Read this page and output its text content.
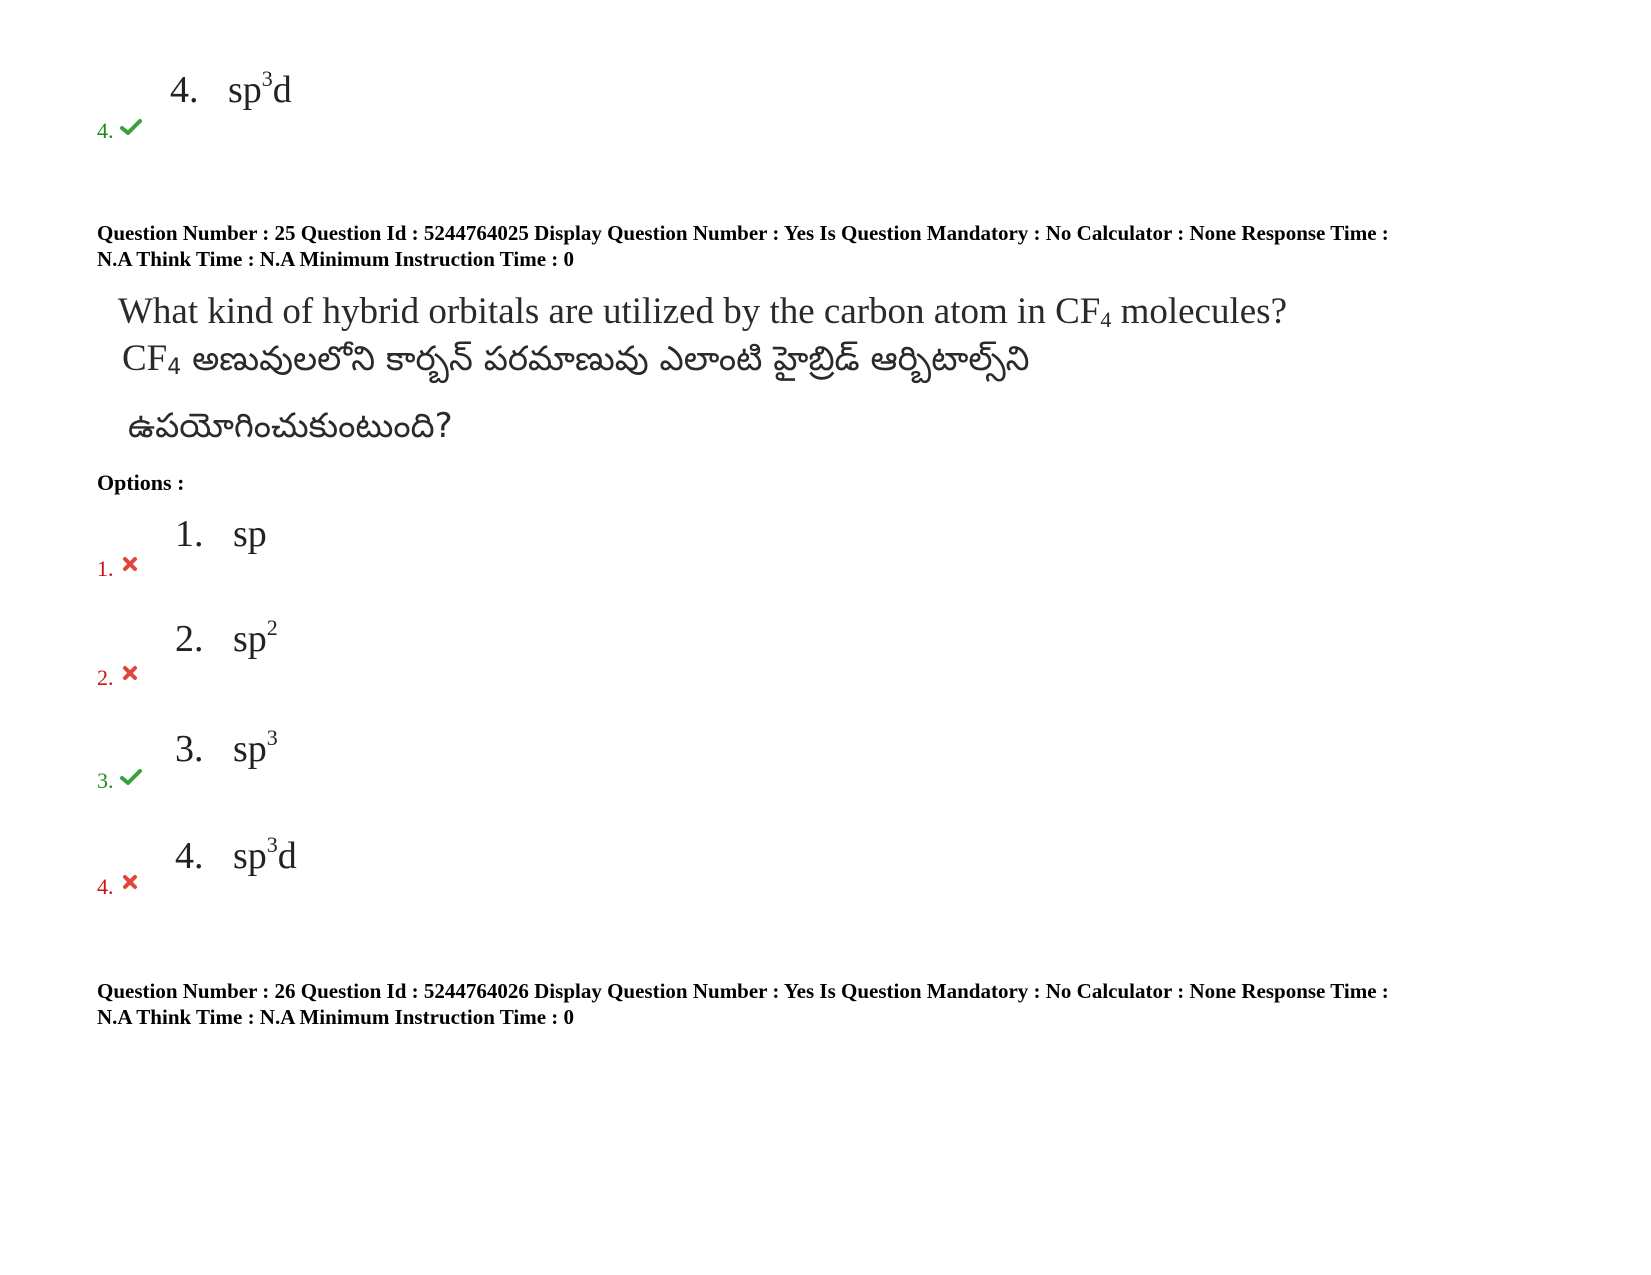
4. $sp^3d$
4.
Question Number : 25 Question Id : 5244764025 Display Question Number : Yes Is Question Mandatory : No Calculator : None Response Time :
N.A Think Time : N.A Minimum Instruction Time : 0
What kind of hybrid orbitals are utilized by the carbon atom in $CF_4$ molecules?
$CF_4$ అణువులలోని కార్బన్ పరమాణువు ఎలాంటి హైబ్రిడ్ ఆర్బిటాల్స్‌ని
ఉపయోగించుకుంటుంది?
Options :
1. sp
1.
2. $sp^2$
2.
3. $sp^3$
3.
4. $sp^3d$
4.
Question Number : 26 Question Id : 5244764026 Display Question Number : Yes Is Question Mandatory : No Calculator : None Response Time :
N.A Think Time : N.A Minimum Instruction Time : 0
